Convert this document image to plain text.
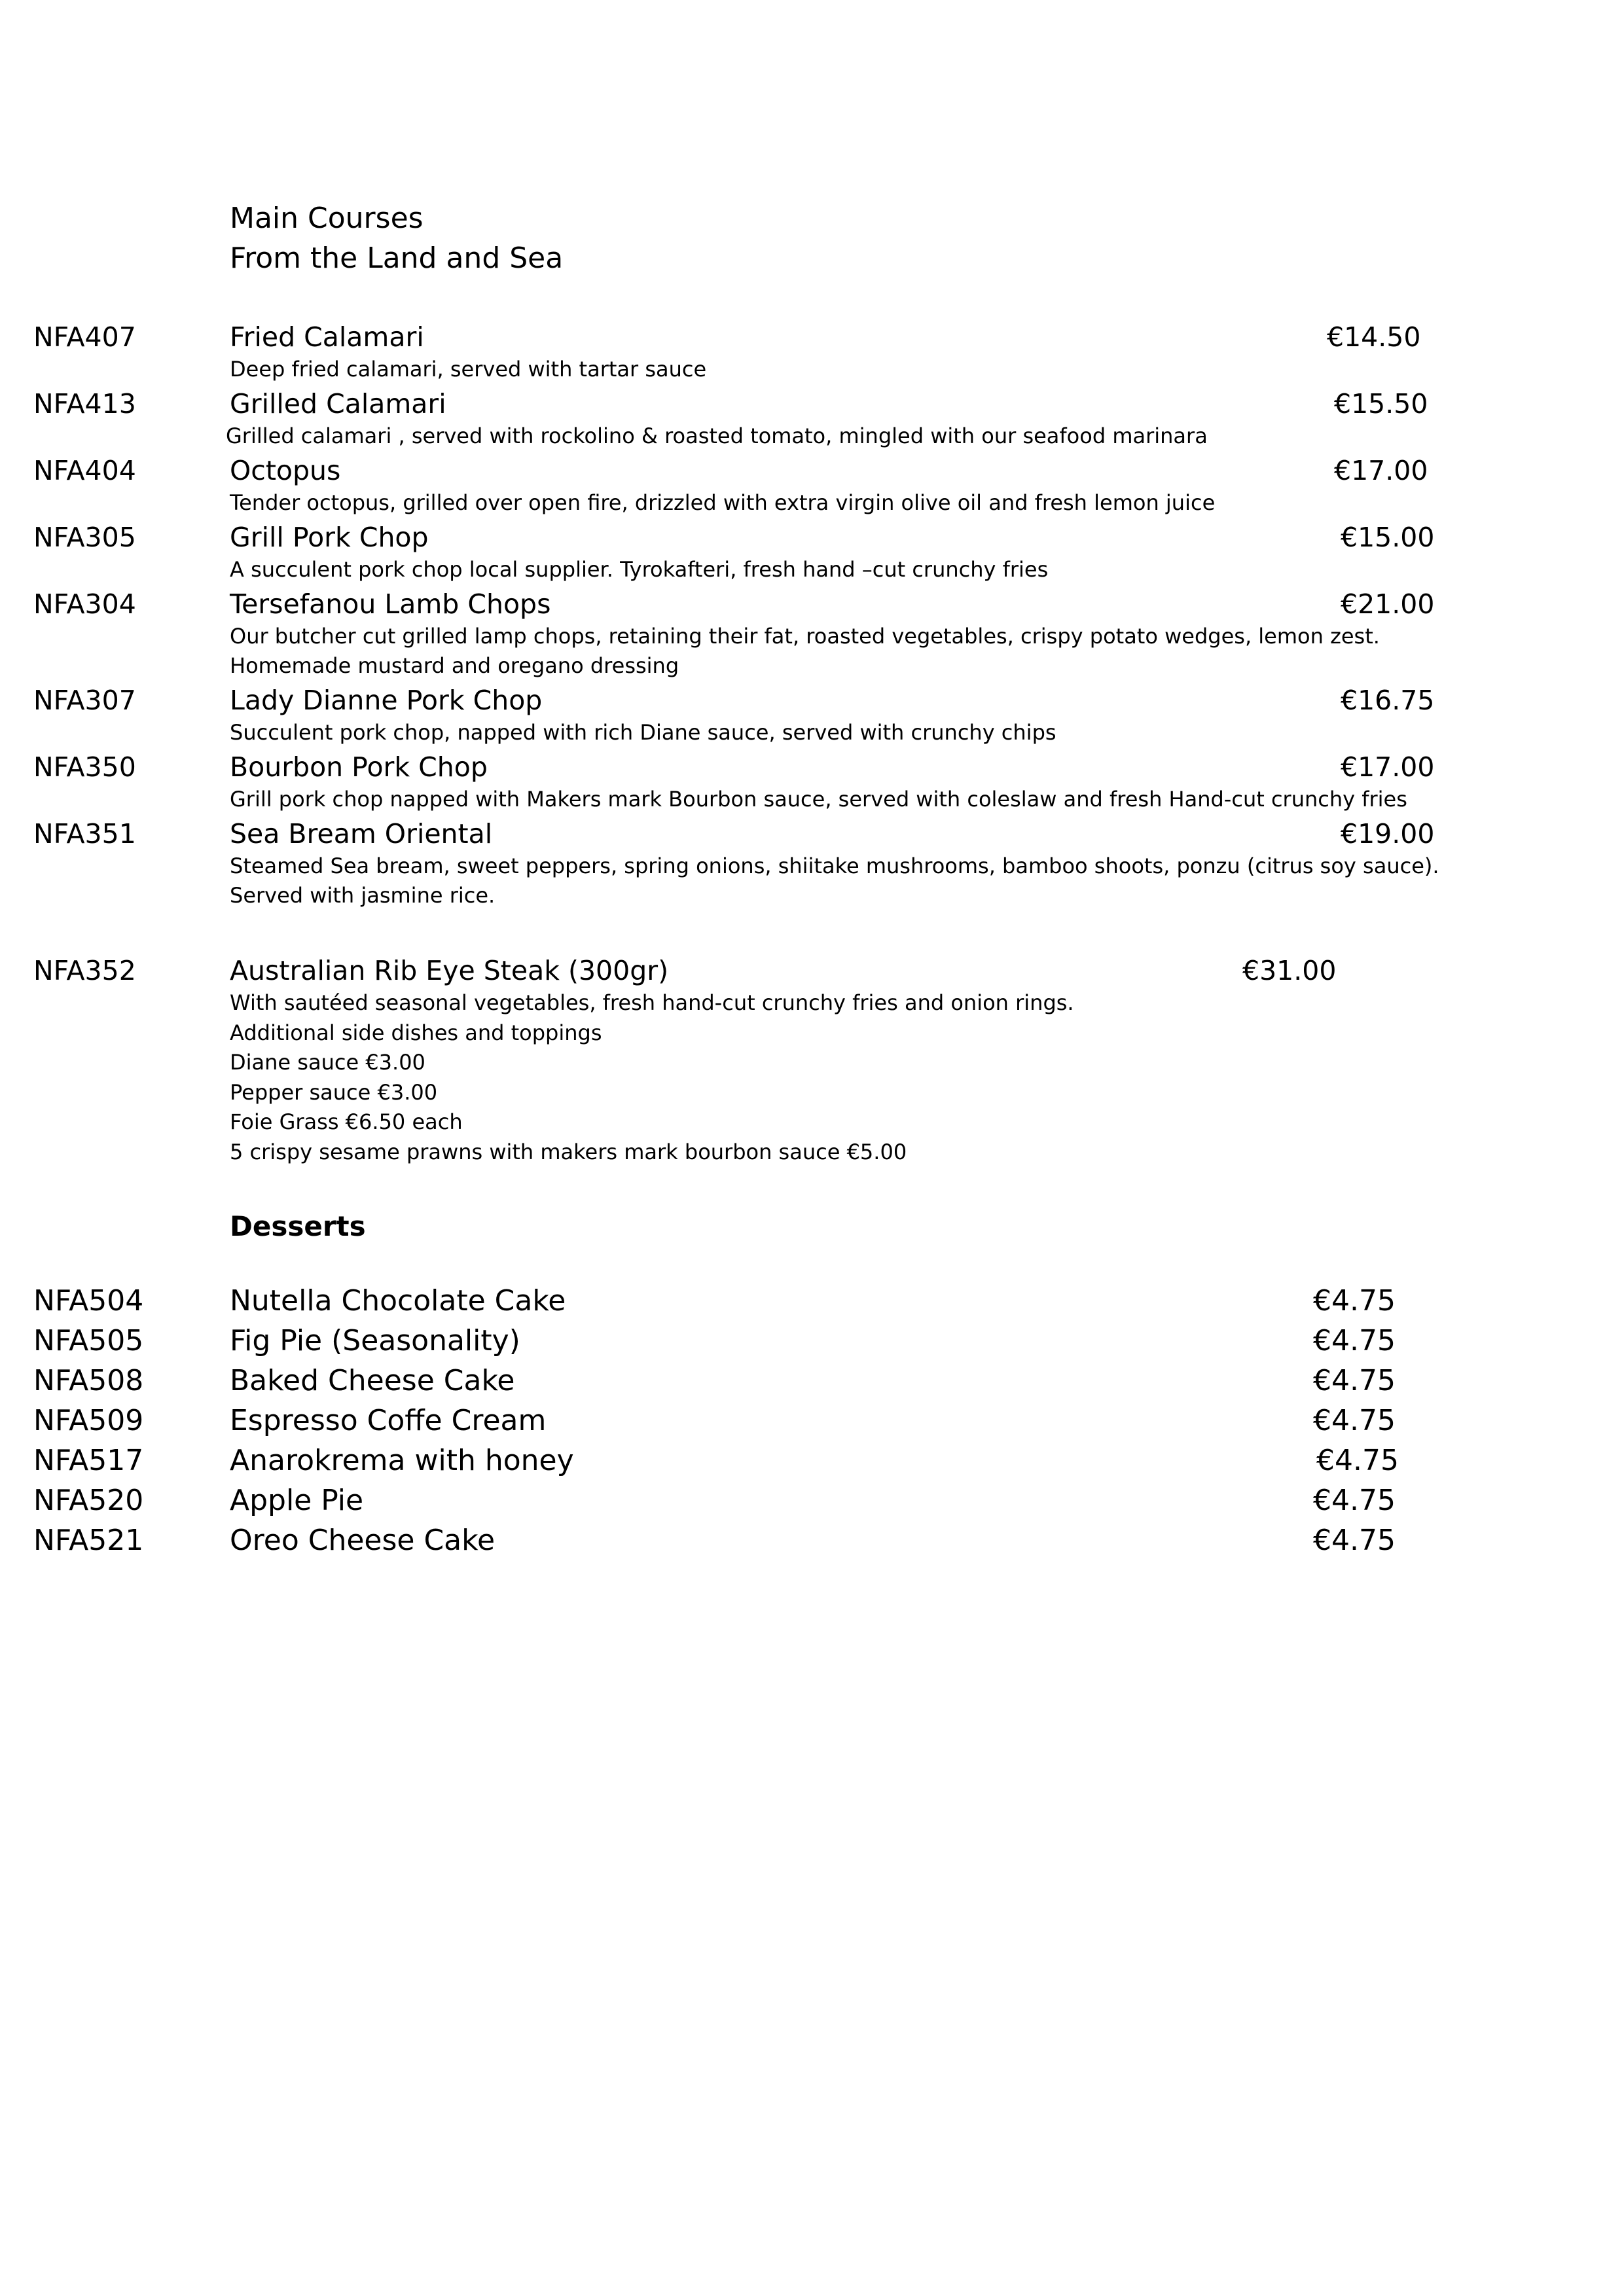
Main Courses
From the Land and Sea
NFA407	Fried Calamari	€14.50
Deep fried calamari, served with tartar sauce
NFA413	Grilled Calamari	€15.50
Grilled calamari , served with rockolino & roasted tomato, mingled with our seafood marinara
NFA404	Octopus	€17.00
Tender octopus, grilled over open fire, drizzled with extra virgin olive oil and fresh lemon juice
NFA305	Grill Pork Chop	€15.00
A succulent pork chop local supplier. Tyrokafteri, fresh hand –cut crunchy fries
NFA304	Tersefanou Lamb Chops	€21.00
Our butcher cut grilled lamp chops, retaining their fat, roasted vegetables, crispy potato wedges, lemon zest.
Homemade mustard and oregano dressing
NFA307	Lady Dianne Pork Chop	€16.75
Succulent pork chop, napped with rich Diane sauce, served with crunchy chips
NFA350	Bourbon Pork Chop	€17.00
Grill pork chop napped with Makers mark Bourbon sauce, served with coleslaw and fresh Hand-cut crunchy fries
NFA351	Sea Bream Oriental	€19.00
Steamed Sea bream, sweet peppers, spring onions, shiitake mushrooms, bamboo shoots, ponzu (citrus soy sauce).
Served with jasmine rice.
NFA352	Australian Rib Eye Steak (300gr)	€31.00
With sautéed seasonal vegetables, fresh hand-cut crunchy fries and onion rings.
Additional side dishes and toppings
Diane sauce €3.00
Pepper sauce €3.00
Foie Grass €6.50 each
5 crispy sesame prawns with makers mark bourbon sauce €5.00
Desserts
NFA504	Nutella Chocolate Cake	€4.75
NFA505	Fig Pie (Seasonality)	€4.75
NFA508	Baked Cheese Cake	€4.75
NFA509	Espresso Coffe Cream	€4.75
NFA517	Anarokrema with honey	€4.75
NFA520	Apple Pie	€4.75
NFA521	Oreo Cheese Cake	€4.75
